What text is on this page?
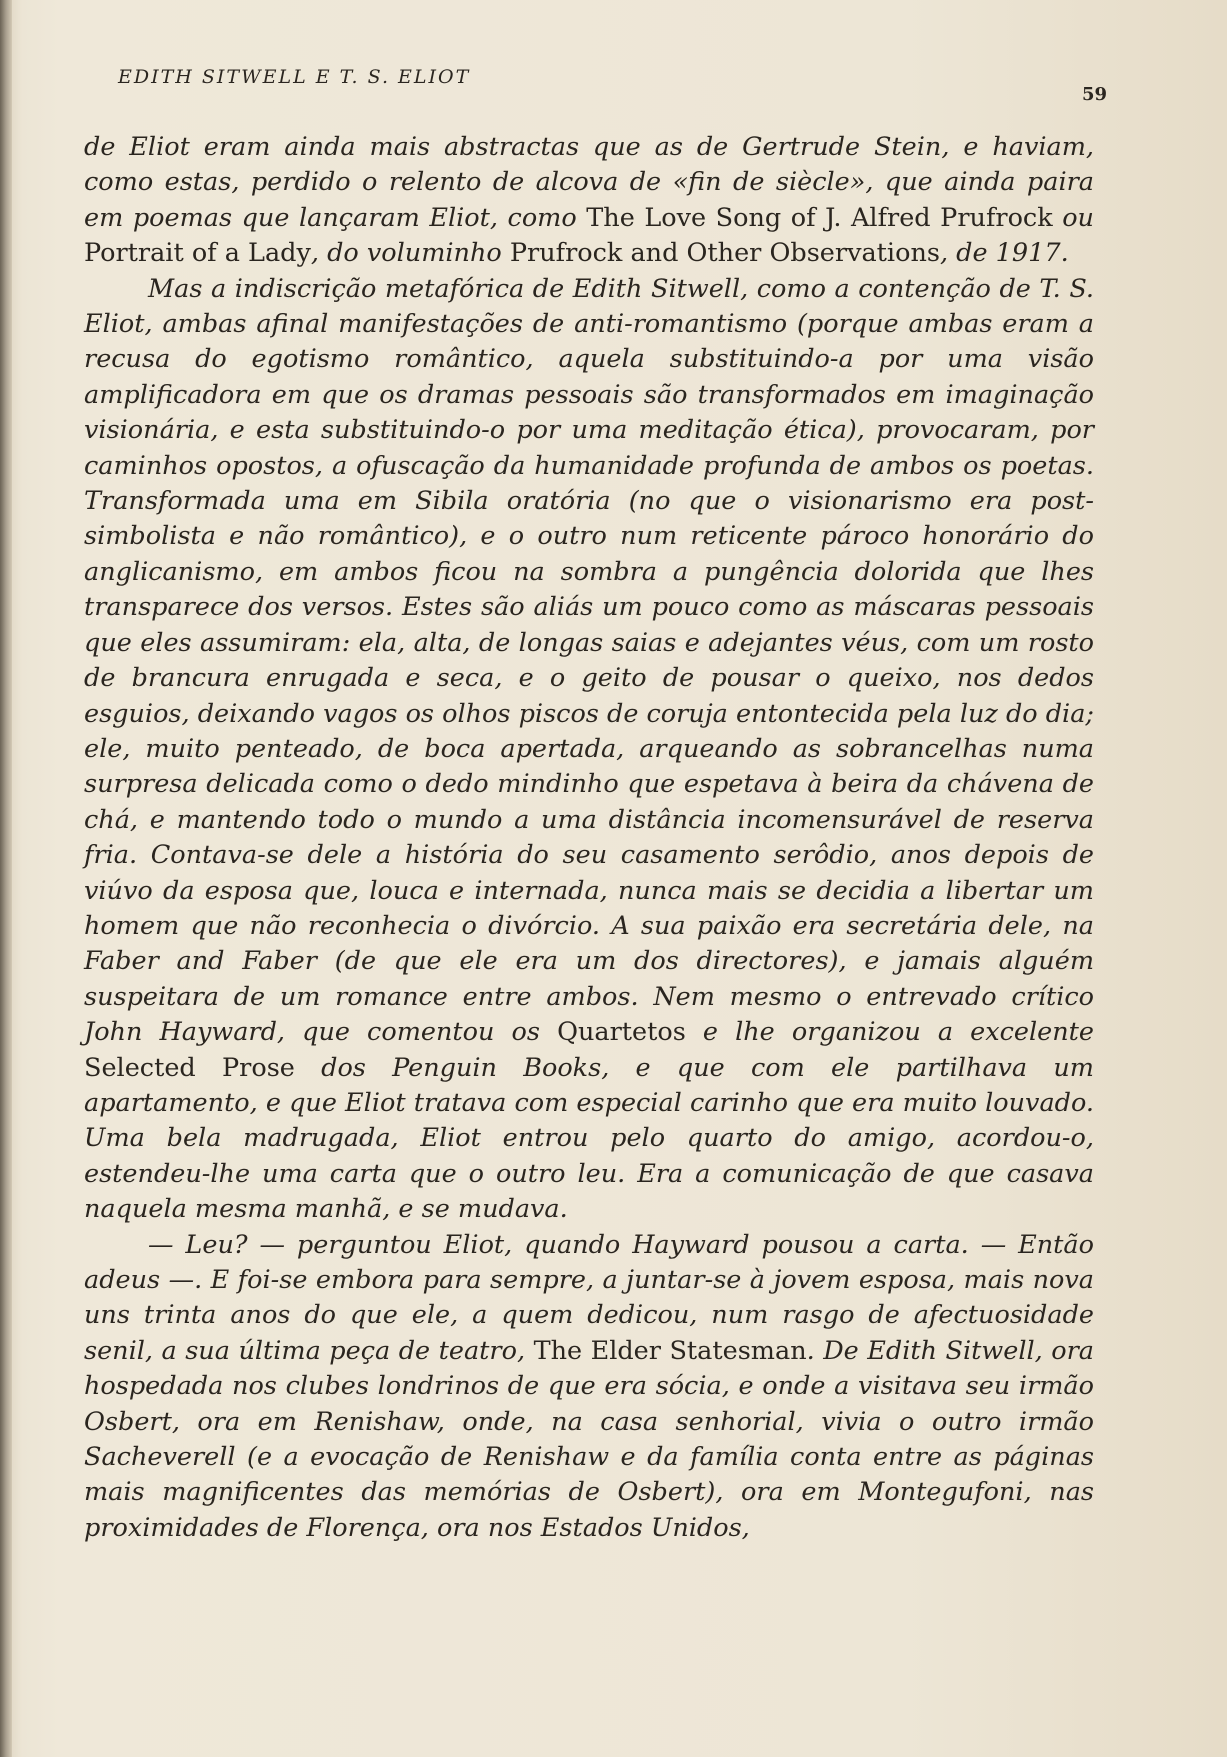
EDITH SITWELL E T. S. ELIOT
59

de Eliot eram ainda mais abstractas que as de Gertrude Stein, e haviam, como estas, perdido o relento de alcova de «fin de siècle», que ainda paira em poemas que lançaram Eliot, como The Love Song of J. Alfred Prufrock ou Portrait of a Lady, do voluminho Prufrock and Other Observations, de 1917.

Mas a indiscrição metafórica de Edith Sitwell, como a contenção de T. S. Eliot, ambas afinal manifestações de anti-romantismo (porque ambas eram a recusa do egotismo romântico, aquela substituindo-a por uma visão amplificadora em que os dramas pessoais são transformados em imaginação visionária, e esta substituindo-o por uma meditação ética), provocaram, por caminhos opostos, a ofuscação da humanidade profunda de ambos os poetas. Transformada uma em Sibila oratória (no que o visionarismo era post-simbolista e não romântico), e o outro num reticente pároco honorário do anglicanismo, em ambos ficou na sombra a pungência dolorida que lhes transparece dos versos. Estes são aliás um pouco como as máscaras pessoais que eles assumiram: ela, alta, de longas saias e adejantes véus, com um rosto de brancura enrugada e seca, e o geito de pousar o queixo, nos dedos esguios, deixando vagos os olhos piscos de coruja entontecida pela luz do dia; ele, muito penteado, de boca apertada, arqueando as sobrancelhas numa surpresa delicada como o dedo mindinho que espetava à beira da chávena de chá, e mantendo todo o mundo a uma distância incomensurável de reserva fria. Contava-se dele a história do seu casamento serôdio, anos depois de viúvo da esposa que, louca e internada, nunca mais se decidia a libertar um homem que não reconhecia o divórcio. A sua paixão era secretária dele, na Faber and Faber (de que ele era um dos directores), e jamais alguém suspeitara de um romance entre ambos. Nem mesmo o entrevado crítico John Hayward, que comentou os Quartetos e lhe organizou a excelente Selected Prose dos Penguin Books, e que com ele partilhava um apartamento, e que Eliot tratava com especial carinho que era muito louvado. Uma bela madrugada, Eliot entrou pelo quarto do amigo, acordou-o, estendeu-lhe uma carta que o outro leu. Era a comunicação de que casava naquela mesma manhã, e se mudava.

— Leu? — perguntou Eliot, quando Hayward pousou a carta. — Então adeus —. E foi-se embora para sempre, a juntar-se à jovem esposa, mais nova uns trinta anos do que ele, a quem dedicou, num rasgo de afectuosidade senil, a sua última peça de teatro, The Elder Statesman. De Edith Sitwell, ora hospedada nos clubes londrinos de que era sócia, e onde a visitava seu irmão Osbert, ora em Renishaw, onde, na casa senhorial, vivia o outro irmão Sacheverell (e a evocação de Renishaw e da família conta entre as páginas mais magnificentes das memórias de Osbert), ora em Montegufoni, nas proximidades de Florença, ora nos Estados Unidos,
